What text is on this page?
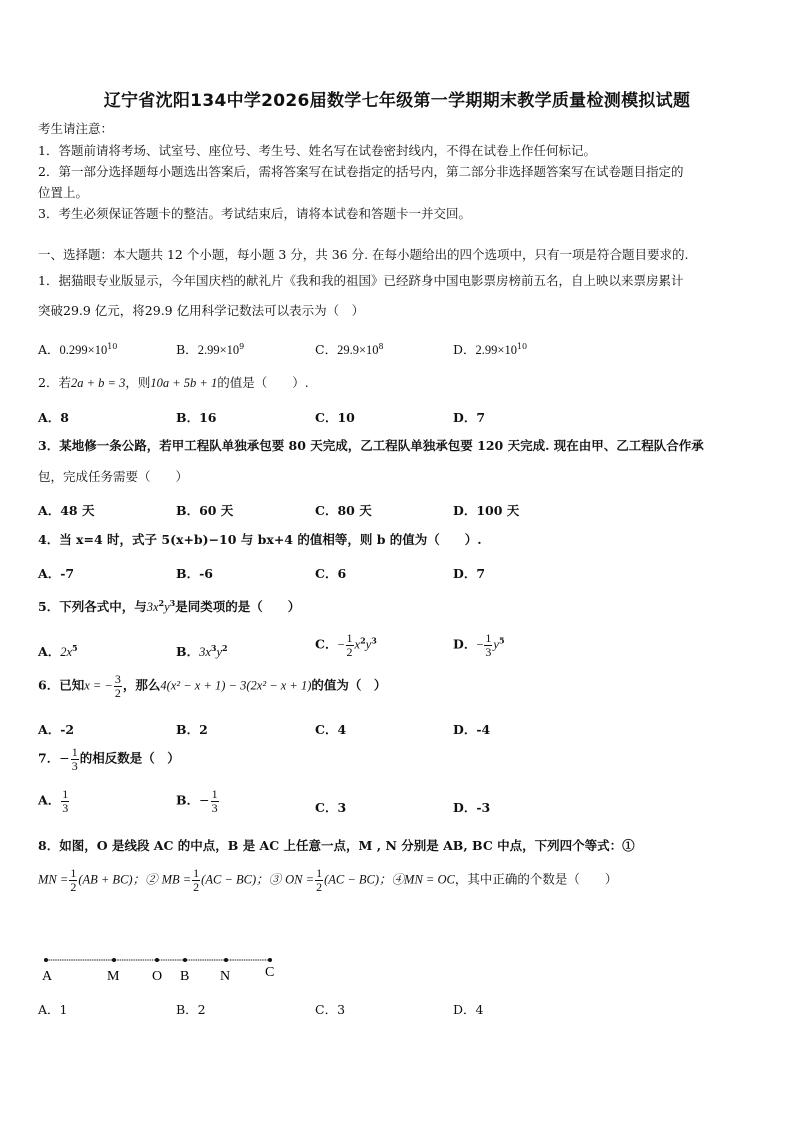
辽宁省沈阳134中学2026届数学七年级第一学期期末教学质量检测模拟试题
考生请注意：
1．答题前请将考场、试室号、座位号、考生号、姓名写在试卷密封线内，不得在试卷上作任何标记。
2．第一部分选择题每小题选出答案后，需将答案写在试卷指定的括号内，第二部分非选择题答案写在试卷题目指定的
位置上。
3．考生必须保证答题卡的整洁。考试结束后，请将本试卷和答题卡一并交回。
一、选择题：本大题共 12 个小题，每小题 3 分，共 36 分. 在每小题给出的四个选项中，只有一项是符合题目要求的.
1．据猫眼专业版显示，今年国庆档的献礼片《我和我的祖国》已经跻身中国电影票房榜前五名，自上映以来票房累计
突破29.9 亿元，将29.9 亿用科学记数法可以表示为（　）
A．$0.299\times 10^{10}$	B．$2.99\times 10^9$	C．$29.9\times 10^8$	D．$2.99\times 10^{10}$
2．若2a + b = 3，则10a + 5b + 1的值是（　　）.
A．8	B．16	C．10	D．7
3．某地修一条公路，若甲工程队单独承包要 80 天完成，乙工程队单独承包要 120 天完成. 现在由甲、乙工程队合作承
包，完成任务需要（　　）
A．48 天	B．60 天	C．80 天	D．100 天
4．当 x=4 时，式子 5(x+b)−10 与 bx+4 的值相等，则 b 的值为（　　）.
A．-7	B．-6	C．6	D．7
5．下列各式中，与$3x^2y^3$是同类项的是（　　）
A．$2x^5$	B．$3x^3y^2$	C．− $\frac{1}{2} x^2y^3$	D．− $\frac{1}{3} y^5$
6．已知x = − $\frac{3}{2}$ ，那么4(x² − x + 1) − 3(2x² − x + 1)的值为（　）
A．-2	B．2	C．4	D．-4
7．− $\frac{1}{3}$ 的相反数是（　）
A． $\frac{1}{3}$	B．− $\frac{1}{3}$	C．3	D．-3
8．如图，O 是线段 AC 的中点，B 是 AC 上任意一点，M , N 分别是 AB, BC 中点，下列四个等式：①
MN = $\frac{1}{2} (AB + BC)$；② MB = $\frac{1}{2} (AC - BC)$；③ ON = $\frac{1}{2} (AC - BC)$；④MN = OC，其中正确的个数是（　　）
A	M O B N C
A．1	B．2	C．3	D．4
